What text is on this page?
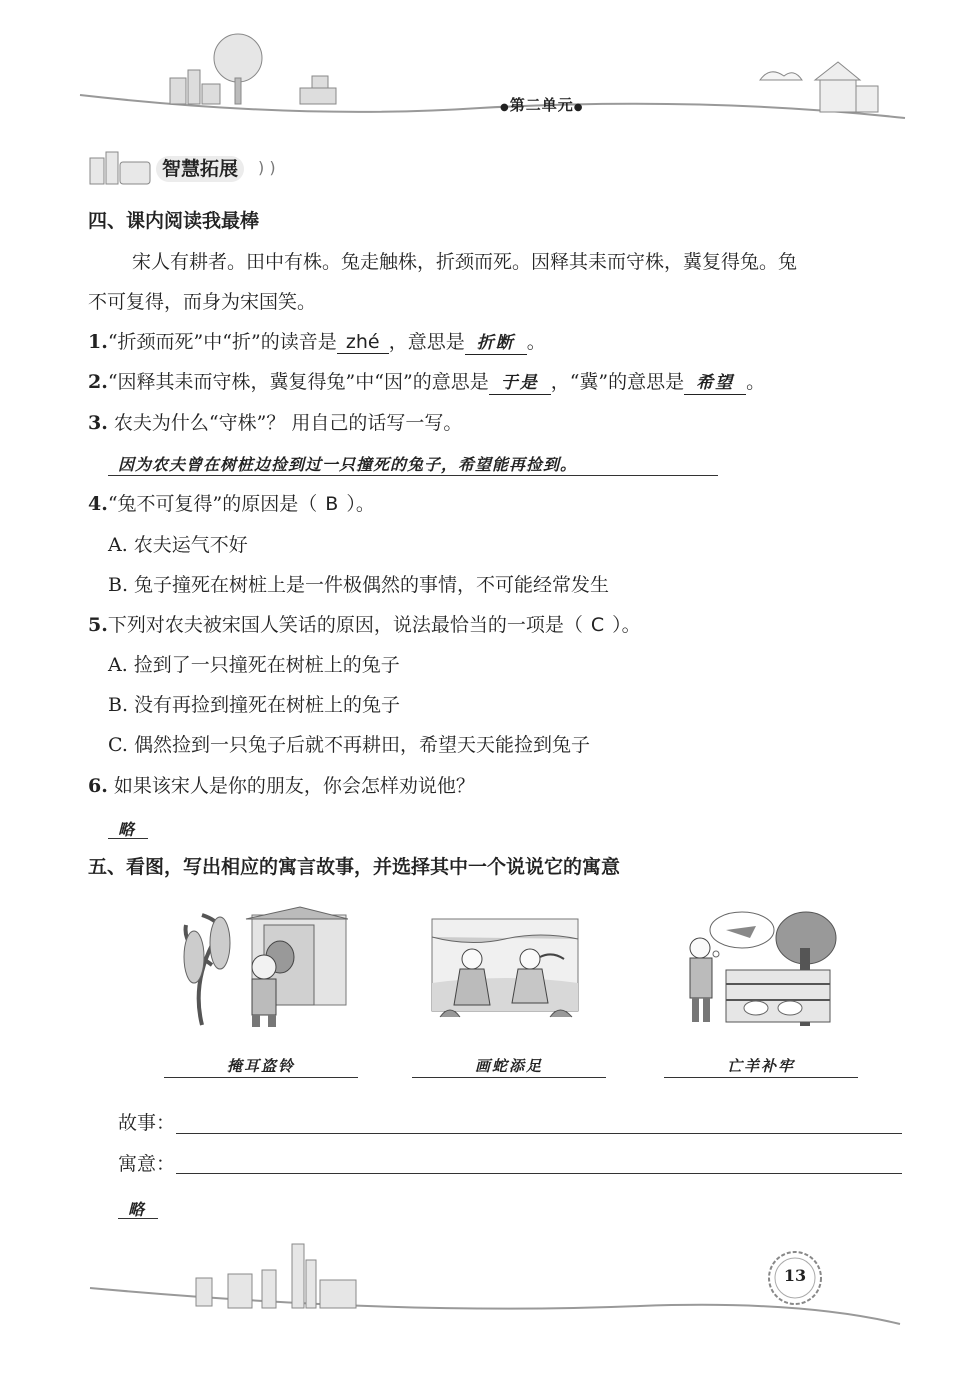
●第二单元●
智慧拓展	) )
四、课内阅读我最棒
宋人有耕者。田中有株。兔走触株，折颈而死。因释其耒而守株，冀复得兔。兔
不可复得，而身为宋国笑。
1.“折颈而死”中“折”的读音是 zhé ，意思是 折断 。
2.“因释其耒而守株，冀复得兔”中“因”的意思是 于是 ，“冀”的意思是 希望 。
3. 农夫为什么“守株”？ 用自己的话写一写。
因为农夫曾在树桩边捡到过一只撞死的兔子，希望能再捡到。
4.“兔不可复得”的原因是（ B ）。
A. 农夫运气不好
B. 兔子撞死在树桩上是一件极偶然的事情，不可能经常发生
5.下列对农夫被宋国人笑话的原因，说法最恰当的一项是（ C ）。
A. 捡到了一只撞死在树桩上的兔子
B. 没有再捡到撞死在树桩上的兔子
C. 偶然捡到一只兔子后就不再耕田，希望天天能捡到兔子
6. 如果该宋人是你的朋友，你会怎样劝说他？
略
五、看图，写出相应的寓言故事，并选择其中一个说说它的寓意
掩耳盗铃	画蛇添足	亡羊补牢
故事：
寓意：
略
13
